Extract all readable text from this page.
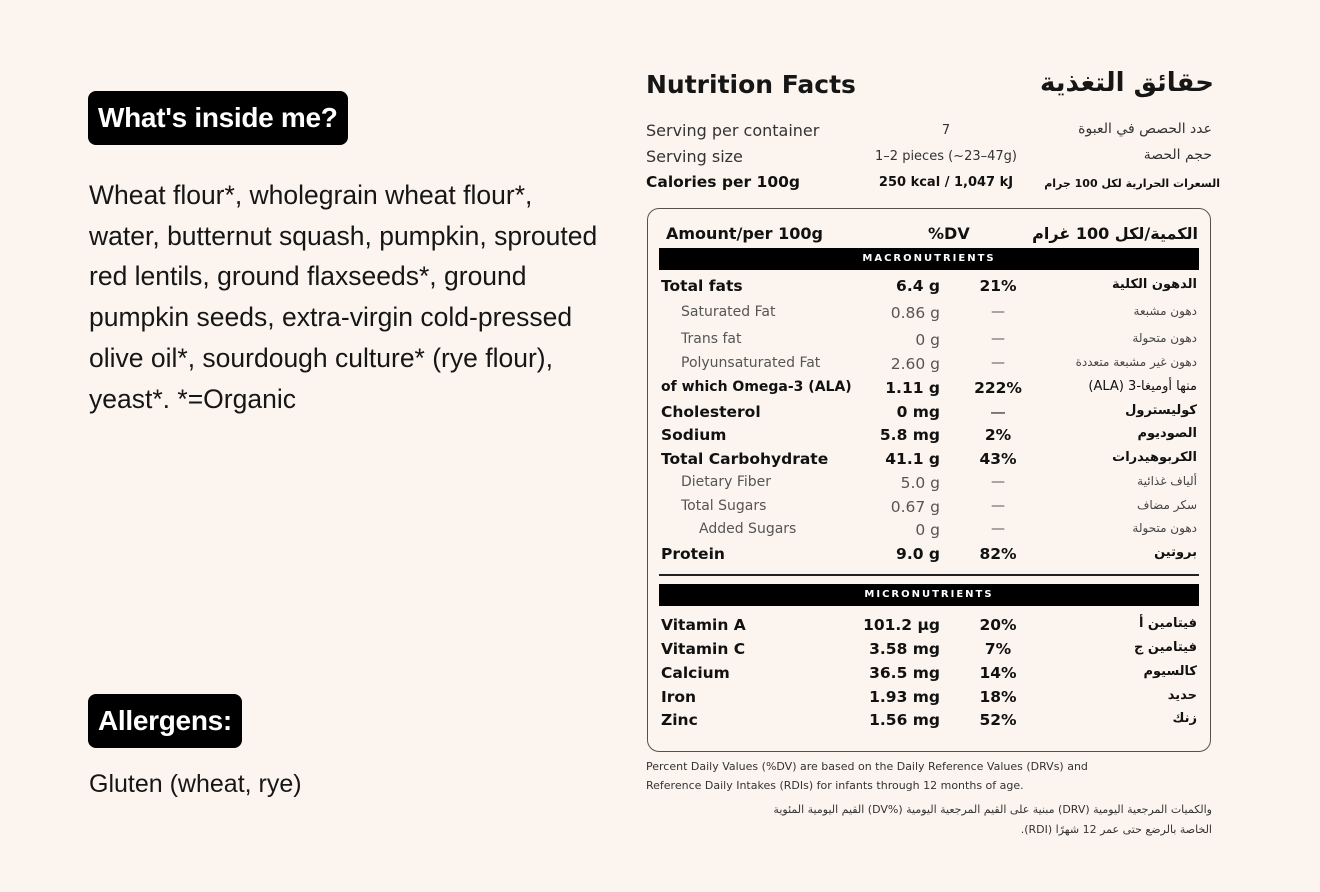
What's inside me?
Wheat flour*, wholegrain wheat flour*, water, butternut squash, pumpkin, sprouted red lentils, ground flaxseeds*, ground pumpkin seeds, extra-virgin cold-pressed olive oil*, sourdough culture* (rye flour), yeast*. *=Organic
Allergens:
Gluten (wheat, rye)
Nutrition Facts	حقائق التغذية
Serving per container	7	عدد الحصص في العبوة
Serving size	1–2 pieces (~23–47g)	حجم الحصة
Calories per 100g	250 kcal / 1,047 kJ	السعرات الحرارية لكل 100 جرام
Amount/per 100g	%DV	الكمية/لكل 100 غرام
MACRONUTRIENTS
Total fats	6.4 g	21%	الدهون الكلية
Saturated Fat	0.86 g	—	دهون مشبعة
Trans fat	0 g	—	دهون متحولة
Polyunsaturated Fat	2.60 g	—	دهون غير مشبعة متعددة
of which Omega-3 (ALA) 1.11 g 222%	منها أوميغا-3 (ALA)
Cholesterol	0 mg	—	كوليسترول
Sodium	5.8 mg	2%	الصوديوم
Total Carbohydrate	41.1 g	43%	الكربوهيدرات
Dietary Fiber	5.0 g	—	ألياف غذائية
Total Sugars	0.67 g	—	سكر مضاف
Added Sugars	0 g	—	دهون متحولة
Protein	9.0 g	82%	بروتين
MICRONUTRIENTS
Vitamin A	101.2 µg	20%	فيتامين أ
Vitamin C	3.58 mg	7%	فيتامين ج
Calcium	36.5 mg	14%	كالسيوم
Iron	1.93 mg	18%	حديد
Zinc	1.56 mg	52%	زنك
Percent Daily Values (%DV) are based on the Daily Reference Values (DRVs) and
Reference Daily Intakes (RDIs) for infants through 12 months of age.
والكميات المرجعية اليومية (DRV) مبنية على القيم المرجعية اليومية (%DV) القيم اليومية المئوية
الخاصة بالرضع حتى عمر 12 شهرًا (RDI).
